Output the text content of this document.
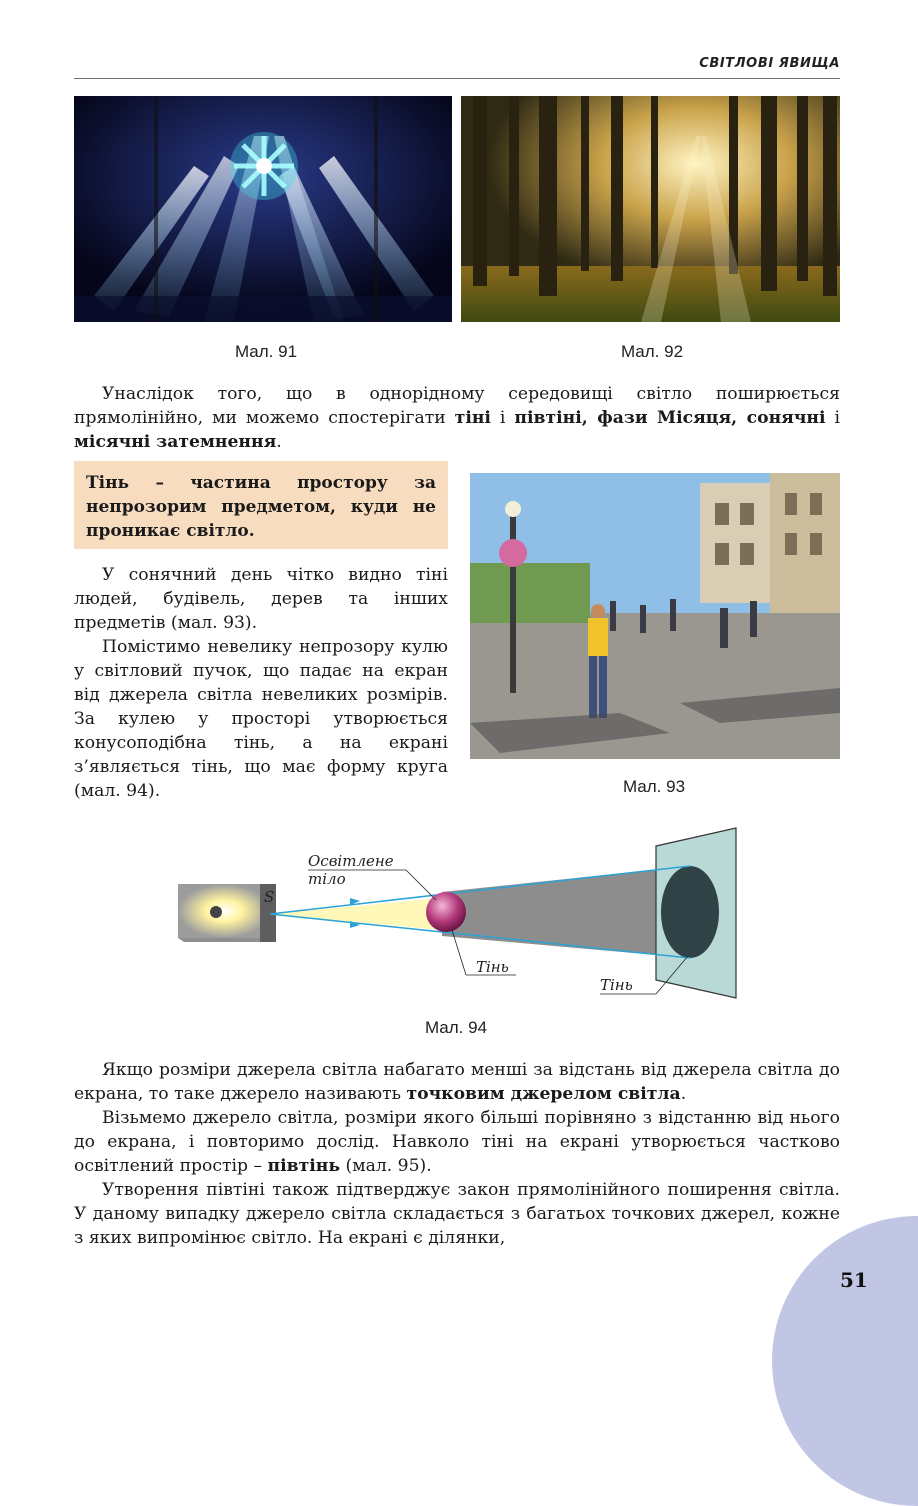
СВІТЛОВІ ЯВИЩА
Мал. 91	Мал. 92

Унаслідок того, що в однорідному середовищі світло поширюється прямолінійно, ми можемо спостерігати тіні і півтіні, фази Місяця, сонячні і місячні затемнення.

Тінь – частина простору за непрозорим предметом, куди не проникає світло.

У сонячний день чітко видно тіні людей, будівель, дерев та інших предметів (мал. 93).

Помістимо невелику непрозору кулю у світловий пучок, що падає на екран від джерела світла невеликих розмірів. За кулею у просторі утворюється конусоподібна тінь, а на екрані з’являється тінь, що має форму круга (мал. 94).	Мал. 93
S
Освітлене
тіло
Тінь
Тінь
Мал. 94

Якщо розміри джерела світла набагато менші за відстань від джерела світла до екрана, то таке джерело називають точковим джерелом світла.

Візьмемо джерело світла, розміри якого більші порівняно з відстанню від нього до екрана, і повторимо дослід. Навколо тіні на екрані утворюється частково освітлений простір – півтінь (мал. 95).

Утворення півтіні також підтверджує закон прямолінійного поширення світла. У даному випадку джерело світла складається з багатьох точкових джерел, кожне з яких випромінює світло. На екрані є ділянки,

51
